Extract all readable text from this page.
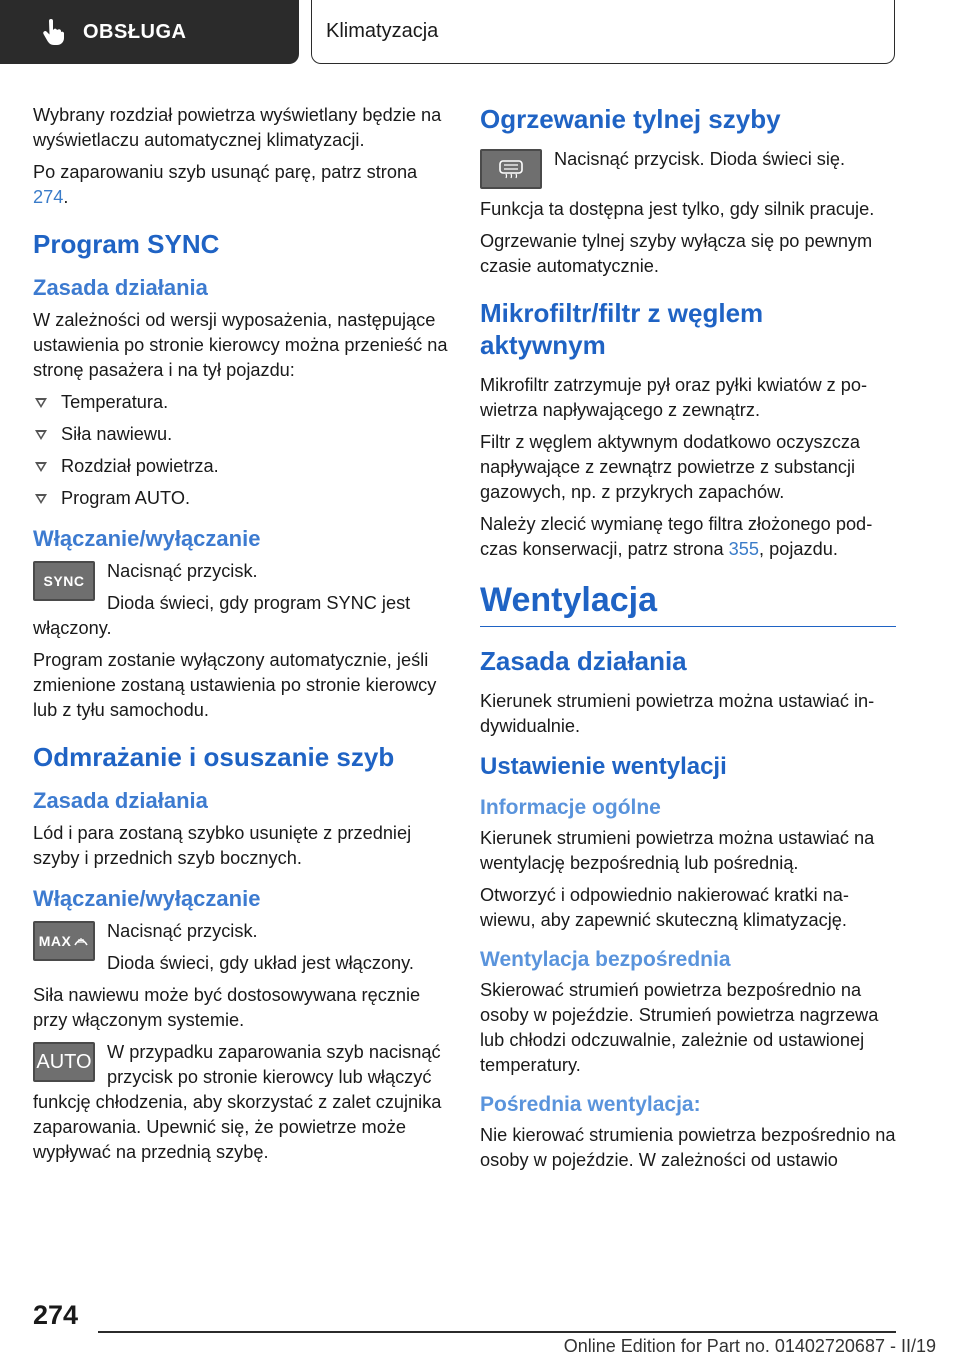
OBSŁUGA	Klimatyzacja

Wybrany rozdział powietrza wyświetlany będzie na wyświetlaczu automatycznej klimatyzacji.

Po zaparowaniu szyb usunąć parę, patrz strona 274.

Program SYNC
Zasada działania

W zależności od wersji wyposażenia, następujące ustawienia po stronie kierowcy można przenieść na stronę pasażera i na tył pojazdu:

Temperatura.
Siła nawiewu.
Rozdział powietrza.
Program AUTO.
Włączanie/wyłączanie
SYNC	Nacisnąć przycisk.

Dioda świeci, gdy program SYNC jest włączony.

Program zostanie wyłączony automatycznie, jeśli zmienione zostaną ustawienia po stronie kierowcy lub z tyłu samochodu.

Odmrażanie i osuszanie szyb
Zasada działania

Lód i para zostaną szybko usunięte z przedniej szyby i przednich szyb bocznych.

Włączanie/wyłączanie
MAX	Nacisnąć przycisk.

Dioda świeci, gdy układ jest włączony.

Siła nawiewu może być dostosowywana ręcznie przy włączonym systemie.

AUTO W przypadku zaparowania szyb nacisnąć przycisk po stronie kierowcy lub włączyć funkcję chłodzenia, aby skorzystać z zalet czujnika zaparowania. Upewnić się, że powietrze może wypływać na przednią szybę.

Ogrzewanie tylnej szyby

Nacisnąć przycisk. Dioda świeci się.

Funkcja ta dostępna jest tylko, gdy silnik pracuje.

Ogrzewanie tylnej szyby wyłącza się po pewnym czasie automatycznie.

Mikrofiltr/filtr z węglem aktywnym

Mikrofiltr zatrzymuje pył oraz pyłki kwiatów z powietrza napływającego z zewnątrz.

Filtr z węglem aktywnym dodatkowo oczyszcza napływające z zewnątrz powietrze z substancji gazowych, np. z przykrych zapachów.

Należy zlecić wymianę tego filtra złożonego podczas konserwacji, patrz strona 355, pojazdu.

Wentylacja
Zasada działania

Kierunek strumieni powietrza można ustawiać indywidualnie.

Ustawienie wentylacji
Informacje ogólne

Kierunek strumieni powietrza można ustawiać na wentylację bezpośrednią lub pośrednią.

Otworzyć i odpowiednio nakierować kratki nawiewu, aby zapewnić skuteczną klimatyzację.

Wentylacja bezpośrednia

Skierować strumień powietrza bezpośrednio na osoby w pojeździe. Strumień powietrza nagrzewa lub chłodzi odczuwalnie, zależnie od ustawionej temperatury.

Pośrednia wentylacja:

Nie kierować strumienia powietrza bezpośrednio na osoby w pojeździe. W zależności od ustawio

274
Online Edition for Part no. 01402720687 - II/19
